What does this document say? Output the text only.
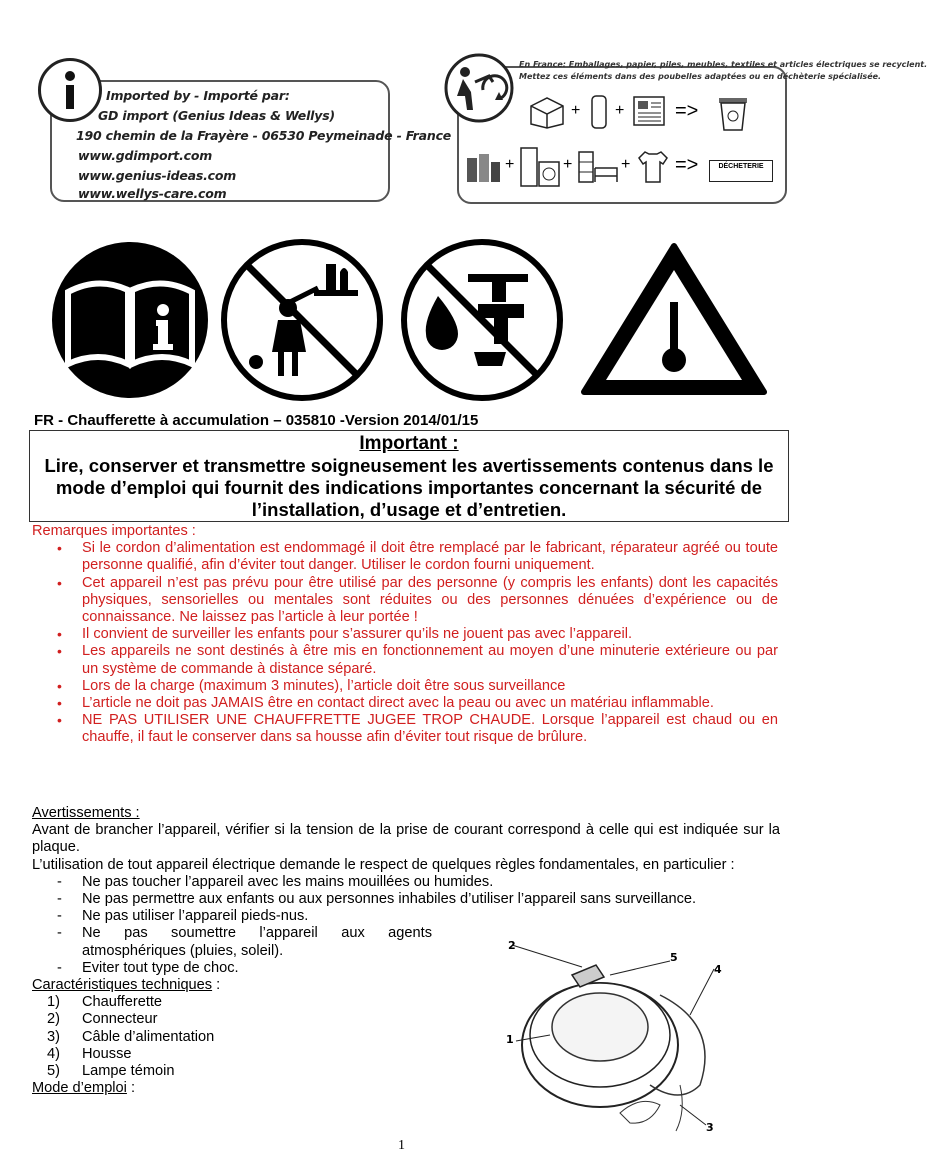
Imported by - Importé par:
GD import (Genius Ideas & Wellys)
190 chemin de la Frayère - 06530 Peymeinade - France
www.gdimport.com
www.genius-ideas.com
www.wellys-care.com
En France: Emballages, papier, piles, meubles, textiles et articles électriques se recyclent.
Mettez ces éléments dans des poubelles adaptées ou en déchèterie spécialisée.
+ +	=>
+	+	+ =>	DÉCHETERIE
FR - Chaufferette à accumulation – 035810 -Version 2014/01/15
Important :
Lire, conserver et transmettre soigneusement les avertissements contenus dans le mode d’emploi qui fournit des indications importantes concernant la sécurité de l’installation, d’usage et d’entretien.

Remarques importantes :

• Si le cordon d’alimentation est endommagé il doit être remplacé par le fabricant, réparateur agréé ou toute personne qualifié, afin d’éviter tout danger. Utiliser le cordon fourni uniquement.
• Cet appareil n’est pas prévu pour être utilisé par des personne (y compris les enfants) dont les capacités physiques, sensorielles ou mentales sont réduites ou des personnes dénuées d’expérience ou de connaissance. Ne laissez pas l’article à leur portée !
• Il convient de surveiller les enfants pour s’assurer qu’ils ne jouent pas avec l’appareil.
• Les appareils ne sont destinés à être mis en fonctionnement au moyen d’une minuterie extérieure ou par un système de commande à distance séparé.
• Lors de la charge (maximum 3 minutes), l’article doit être sous surveillance
• L’article ne doit pas JAMAIS être en contact direct avec la peau ou avec un matériau inflammable.
• NE PAS UTILISER UNE CHAUFFRETTE JUGEE TROP CHAUDE. Lorsque l’appareil est chaud ou en chauffe, il faut le conserver dans sa housse afin d’éviter tout risque de brûlure.

Avertissements :

Avant de brancher l’appareil, vérifier si la tension de la prise de courant correspond à celle qui est indiquée sur la plaque.

L’utilisation de tout appareil électrique demande le respect de quelques règles fondamentales, en particulier :

- Ne pas toucher l’appareil avec les mains mouillées ou humides.
- Ne pas permettre aux enfants ou aux personnes inhabiles d’utiliser l’appareil sans surveillance.
- Ne pas utiliser l’appareil pieds-nus.
- Ne pas soumettre l’appareil aux agents atmosphériques (pluies, soleil).
- Eviter tout type de choc.

Caractéristiques techniques :

1) Chaufferette
2) Connecteur
3) Câble d’alimentation
4) Housse
5) Lampe témoin

Mode d’emploi :

2
5
4
1
3
1
